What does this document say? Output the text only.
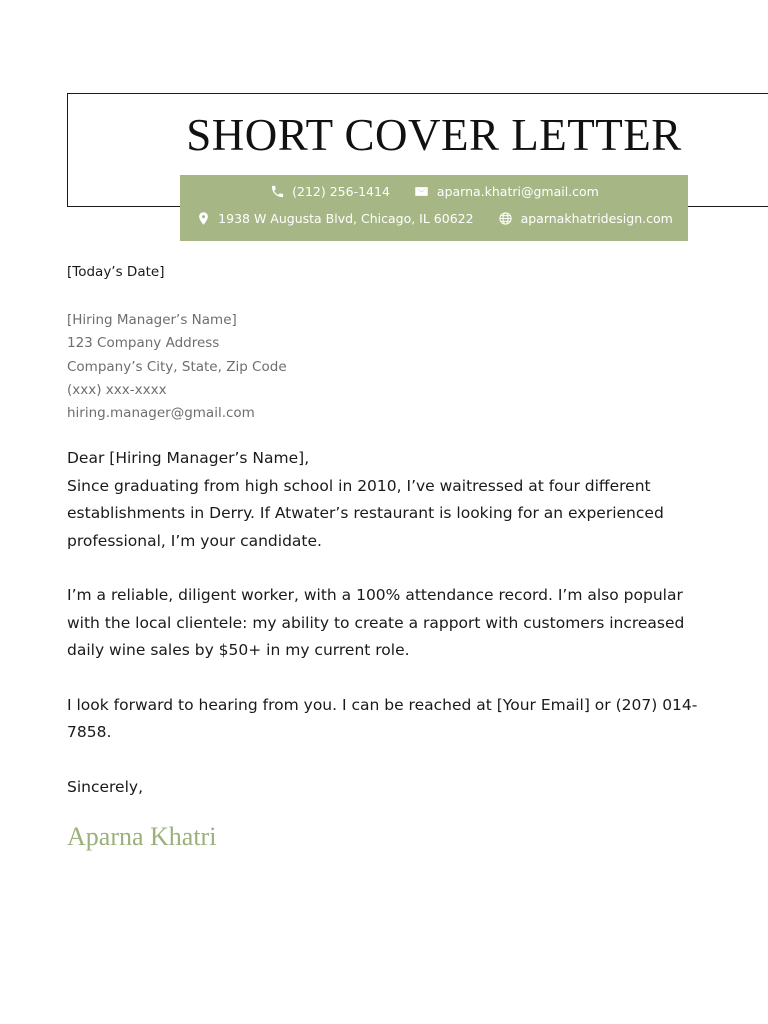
SHORT COVER LETTER
(212) 256-1414	aparna.khatri@gmail.com
1938 W Augusta Blvd, Chicago, IL 60622	aparnakhatridesign.com
[Today’s Date]
[Hiring Manager’s Name]
123 Company Address
Company’s City, State, Zip Code
(xxx) xxx-xxxx
hiring.manager@gmail.com
Dear [Hiring Manager’s Name],

Since graduating from high school in 2010, I’ve waitressed at four different establishments in Derry. If Atwater’s restaurant is looking for an experienced professional, I’m your candidate.

I’m a reliable, diligent worker, with a 100% attendance record. I’m also popular with the local clientele: my ability to create a rapport with customers increased daily wine sales by $50+ in my current role.

I look forward to hearing from you. I can be reached at [Your Email] or (207) 014-7858.

Sincerely,
Aparna Khatri
